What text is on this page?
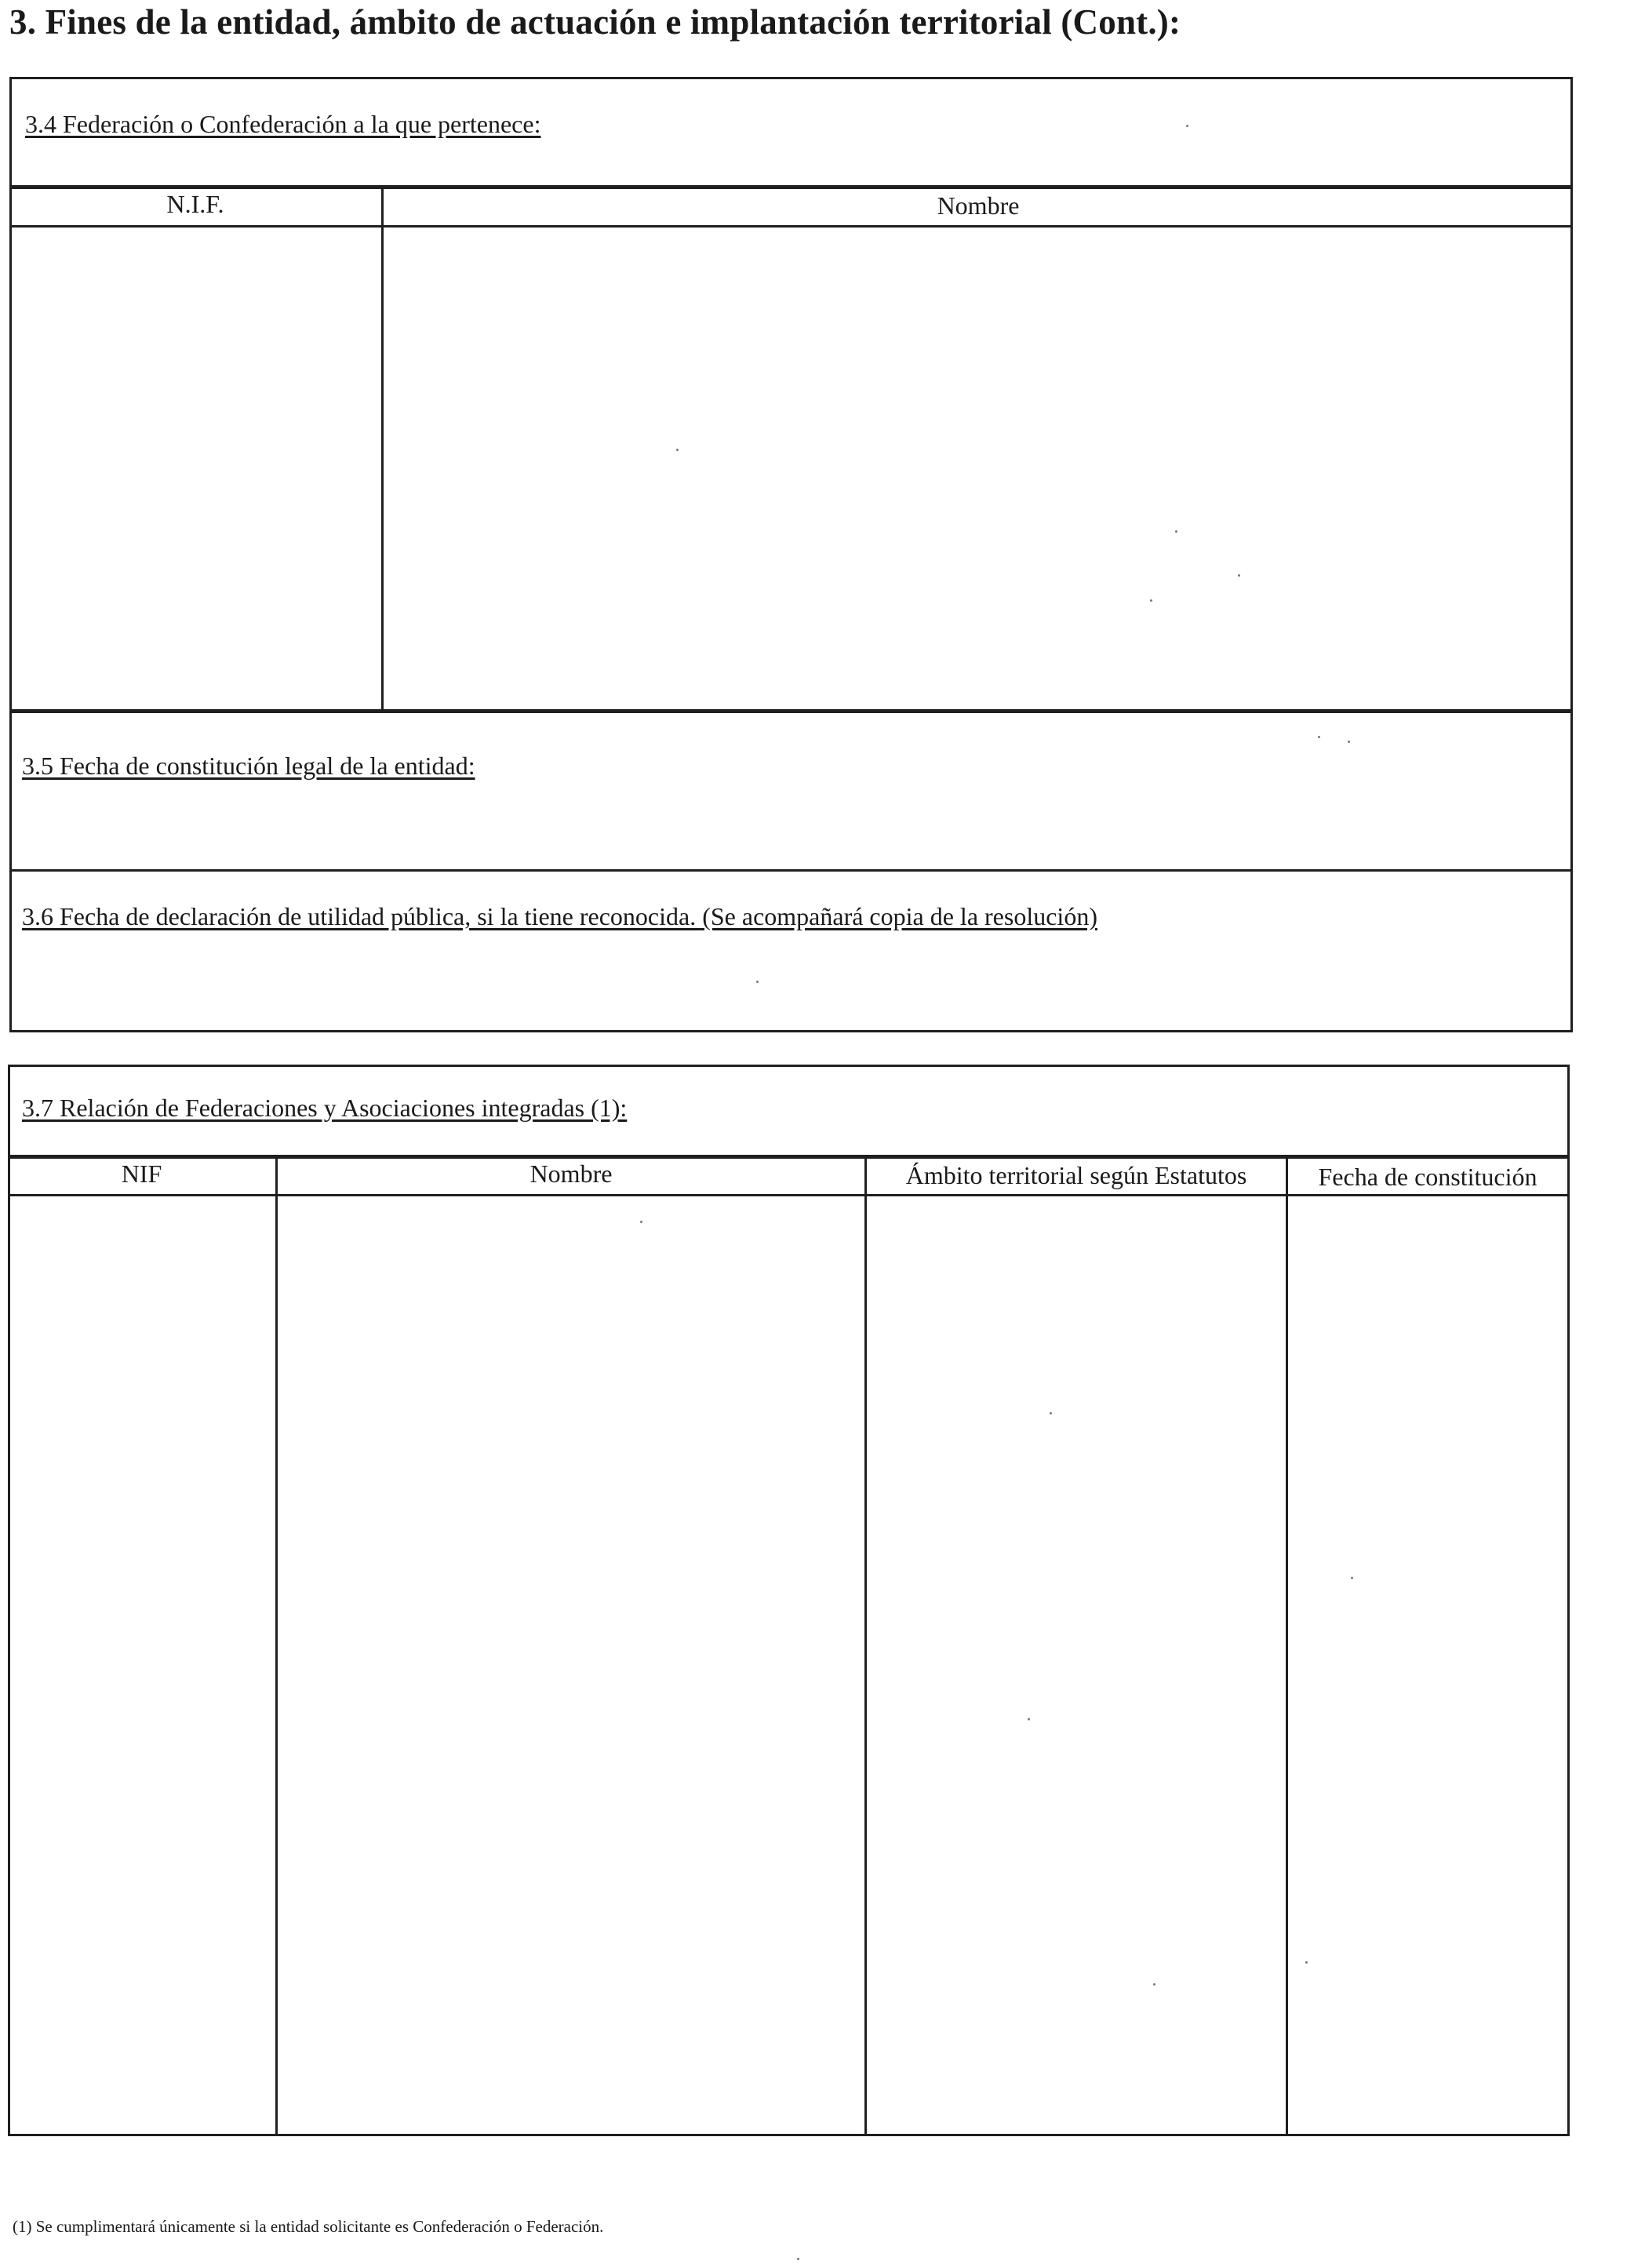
3. Fines de la entidad, ámbito de actuación e implantación territorial (Cont.):
3.4 Federación o Confederación a la que pertenece:
N.I.F.	Nombre
3.5 Fecha de constitución legal de la entidad:
3.6 Fecha de declaración de utilidad pública, si la tiene reconocida. (Se acompañará copia de la resolución)
3.7 Relación de Federaciones y Asociaciones integradas (1):
NIF	Nombre	Ámbito territorial según Estatutos	Fecha de constitución
(1) Se cumplimentará únicamente si la entidad solicitante es Confederación o Federación.
